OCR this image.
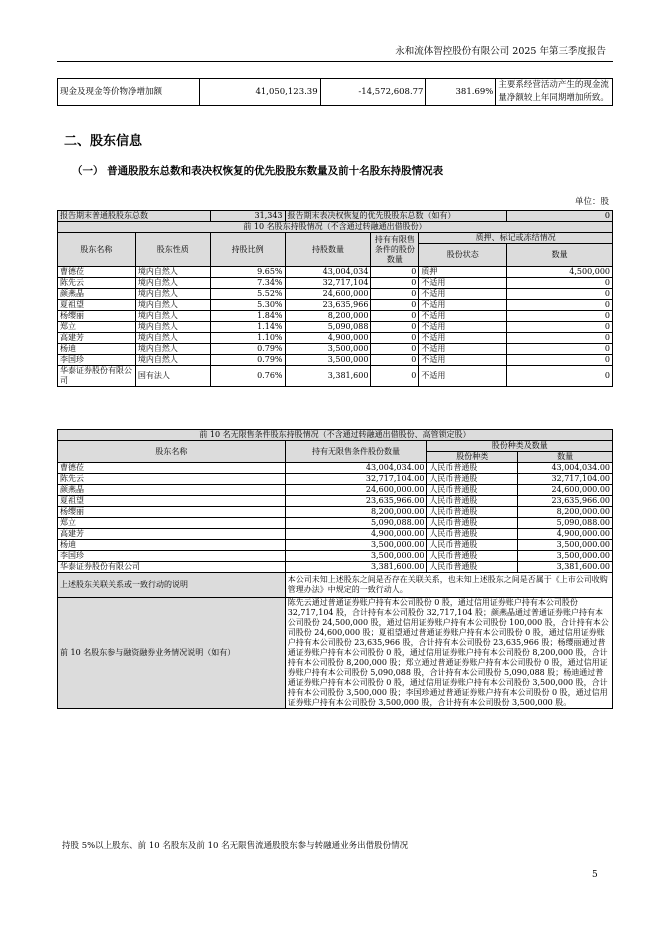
永和流体智控股份有限公司 2025 年第三季度报告
现金及现金等价物净增加额	41,050,123.39	-14,572,608.77	381.69%	主要系经营活动产生的现金流量净额较上年同期增加所致。
二、股东信息
（一） 普通股股东总数和表决权恢复的优先股股东数量及前十名股东持股情况表
单位：股
报告期末普通股股东总数		31,343	报告期末表决权恢复的优先股股东总数（如有）			0
前 10 名股东持股情况（不含通过转融通出借股份）						
股东名称	股东性质	持股比例	持股数量	持有有限售条件的股份数量	质押、标记或冻结情况	
					股份状态	数量
曹德莅	境内自然人	9.65%	43,004,034	0	质押	4,500,000
陈先云	境内自然人	7.34%	32,717,104	0	不适用	0
颜燕晶	境内自然人	5.52%	24,600,000	0	不适用	0
夏祖望	境内自然人	5.30%	23,635,966	0	不适用	0
杨缨丽	境内自然人	1.84%	8,200,000	0	不适用	0
郑立	境内自然人	1.14%	5,090,088	0	不适用	0
高建芳	境内自然人	1.10%	4,900,000	0	不适用	0
杨迪	境内自然人	0.79%	3,500,000	0	不适用	0
李国珍	境内自然人	0.79%	3,500,000	0	不适用	0
华泰证券股份有限公司	国有法人	0.76%	3,381,600	0	不适用	0
前 10 名无限售条件股东持股情况（不含通过转融通出借股份、高管锁定股）			
股东名称	持有无限售条件股份数量	股份种类及数量	
		股份种类	数量
曹德莅	43,004,034.00	人民币普通股	43,004,034.00
陈先云	32,717,104.00	人民币普通股	32,717,104.00
颜燕晶	24,600,000.00	人民币普通股	24,600,000.00
夏祖望	23,635,966.00	人民币普通股	23,635,966.00
杨缨丽	8,200,000.00	人民币普通股	8,200,000.00
郑立	5,090,088.00	人民币普通股	5,090,088.00
高建芳	4,900,000.00	人民币普通股	4,900,000.00
杨迪	3,500,000.00	人民币普通股	3,500,000.00
李国珍	3,500,000.00	人民币普通股	3,500,000.00
华泰证券股份有限公司	3,381,600.00	人民币普通股	3,381,600.00
上述股东关联关系或一致行动的说明	本公司未知上述股东之间是否存在关联关系，也未知上述股东之间是否属于《上市公司收购管理办法》中规定的一致行动人。		
前 10 名股东参与融资融券业务情况说明（如有）	陈先云通过普通证券账户持有本公司股份 0 股，通过信用证券账户持有本公司股份 32,717,104 股，合计持有本公司股份 32,717,104 股；颜燕晶通过普通证券账户持有本公司股份 24,500,000 股，通过信用证券账户持有本公司股份 100,000 股，合计持有本公司股份 24,600,000 股；夏祖望通过普通证券账户持有本公司股份 0 股，通过信用证券账户持有本公司股份 23,635,966 股，合计持有本公司股份 23,635,966 股；杨缨丽通过普通证券账户持有本公司股份 0 股，通过信用证券账户持有本公司股份 8,200,000 股，合计持有本公司股份 8,200,000 股；郑立通过普通证券账户持有本公司股份 0 股，通过信用证券账户持有本公司股份 5,090,088 股，合计持有本公司股份 5,090,088 股；杨迪通过普通证券账户持有本公司股份 0 股，通过信用证券账户持有本公司股份 3,500,000 股，合计持有本公司股份 3,500,000 股；李国珍通过普通证券账户持有本公司股份 0 股，通过信用证券账户持有本公司股份 3,500,000 股，合计持有本公司股份 3,500,000 股。		
持股 5%以上股东、前 10 名股东及前 10 名无限售流通股股东参与转融通业务出借股份情况
5
